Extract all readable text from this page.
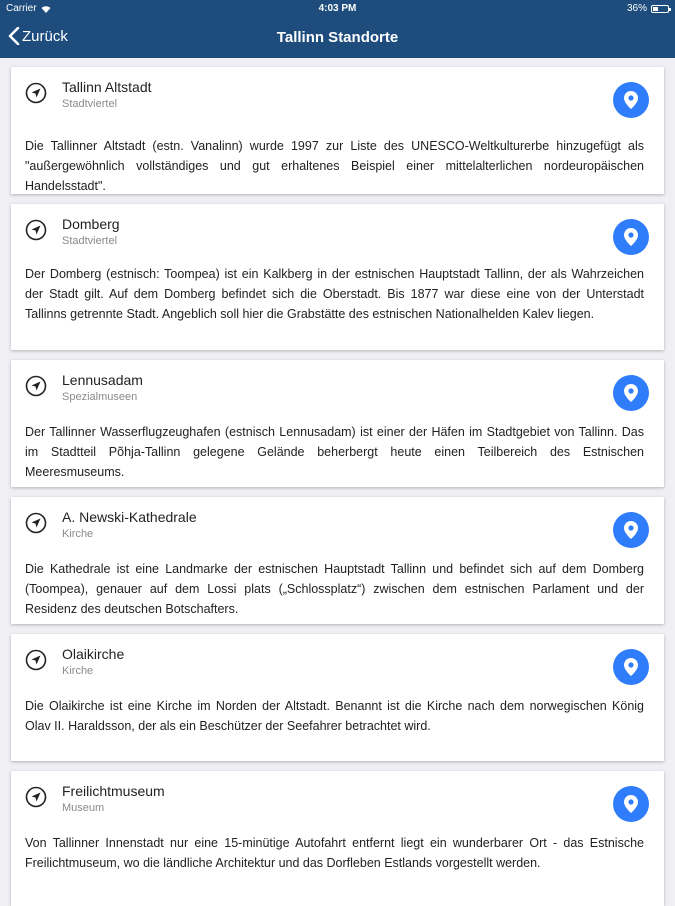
Carrier	4:03 PM	36%
Zurück	Tallinn Standorte
Tallinn Altstadt
Stadtviertel
Die Tallinner Altstadt (estn. Vanalinn) wurde 1997 zur Liste des UNESCO-Weltkulturerbe hinzugefügt als "außergewöhnlich vollständiges und gut erhaltenes Beispiel einer mittelalterlichen nordeuropäischen Handelsstadt".
Domberg
Stadtviertel
Der Domberg (estnisch: Toompea) ist ein Kalkberg in der estnischen Hauptstadt Tallinn, der als Wahrzeichen der Stadt gilt. Auf dem Domberg befindet sich die Oberstadt. Bis 1877 war diese eine von der Unterstadt Tallinns getrennte Stadt. Angeblich soll hier die Grabstätte des estnischen Nationalhelden Kalev liegen.
Lennusadam
Spezialmuseen
Der Tallinner Wasserflugzeughafen (estnisch Lennusadam) ist einer der Häfen im Stadtgebiet von Tallinn. Das im Stadtteil Põhja-Tallinn gelegene Gelände beherbergt heute einen Teilbereich des Estnischen Meeresmuseums.
A. Newski-Kathedrale
Kirche
Die Kathedrale ist eine Landmarke der estnischen Hauptstadt Tallinn und befindet sich auf dem Domberg (Toompea), genauer auf dem Lossi plats („Schlossplatz“) zwischen dem estnischen Parlament und der Residenz des deutschen Botschafters.
Olaikirche
Kirche
Die Olaikirche ist eine Kirche im Norden der Altstadt. Benannt ist die Kirche nach dem norwegischen König Olav II. Haraldsson, der als ein Beschützer der Seefahrer betrachtet wird.
Freilichtmuseum
Museum
Von Tallinner Innenstadt nur eine 15-minütige Autofahrt entfernt liegt ein wunderbarer Ort - das Estnische Freilichtmuseum, wo die ländliche Architektur und das Dorfleben Estlands vorgestellt werden.
